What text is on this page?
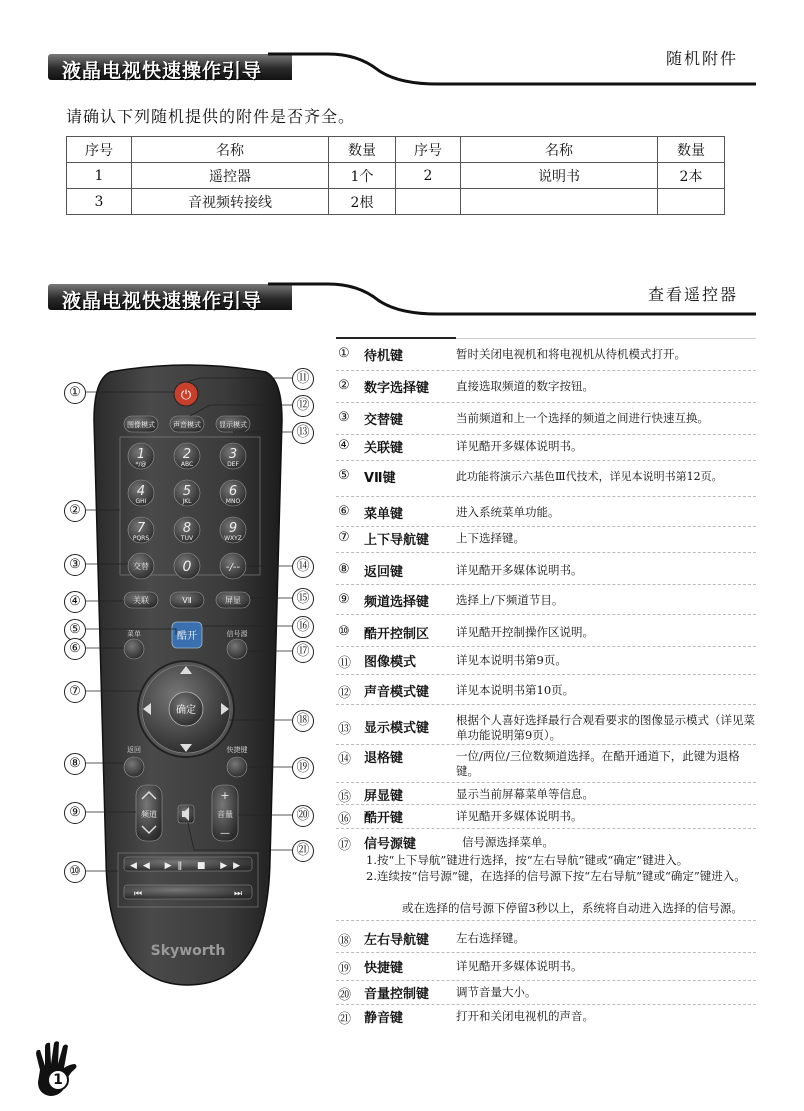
液晶电视快速操作引导
随机附件
请确认下列随机提供的附件是否齐全。
序号	名称	数量	序号	名称	数量
1	遥控器	1个	2	说明书	2本
3	音视频转接线	2根			
液晶电视快速操作引导	查看遥控器
⏻
图像模式	声音模式	显示模式
1
*/@
2
ABC
3
DEF
4
GHI
5
JKL
6
MNO
7
PQRS
8
TUV
9
WXYZ
0	-/--
交替
关联	VⅡ	屏显
菜单	酷开	信号源
确定
返回	快捷键
频道
+
音量
—
◀◀ ▶ǁ ■ ▶▶
⏮	⏭
Skyworth
①
②
③
④
⑤
⑥
⑦
⑧
⑨
⑩
⑪
⑫
⑬
⑭
⑮
⑯
⑰
⑱
⑲
⑳
㉑
① 待机键	暂时关闭电视机和将电视机从待机模式打开。
② 数字选择键 直接选取频道的数字按钮。
③ 交替键	当前频道和上一个选择的频道之间进行快速互换。
④ 关联键	详见酷开多媒体说明书。
⑤ VⅡ键	此功能将演示六基色Ⅲ代技术，详见本说明书第12页。
⑥ 菜单键	进入系统菜单功能。
⑦ 上下导航键 上下选择键。
⑧ 返回键	详见酷开多媒体说明书。
⑨ 频道选择键 选择上/下频道节目。
⑩ 酷开控制区 详见酷开控制操作区说明。
⑪ 图像模式	详见本说明书第9页。
⑫ 声音模式键 详见本说明书第10页。
⑬ 显示模式键
根据个人喜好选择最行合观看要求的图像显示模式（详见菜单功能说明第9页）。
⑭ 退格键	一位/两位/三位数频道选择。在酷开通道下，此键为退格键。
⑮ 屏显键	显示当前屏幕菜单等信息。
⑯ 酷开键	详见酷开多媒体说明书。
⑰ 信号源键	信号源选择菜单。
1.按“上下导航”键进行选择，按“左右导航”键或“确定”键进入。
2.连续按“信号源”键，在选择的信号源下按“左右导航”键或“确定”键进入。
或在选择的信号源下停留3秒以上，系统将自动进入选择的信号源。
⑱ 左右导航键 左右选择键。
⑲ 快捷键	详见酷开多媒体说明书。
⑳ 音量控制键 调节音量大小。
㉑ 静音键	打开和关闭电视机的声音。
1
